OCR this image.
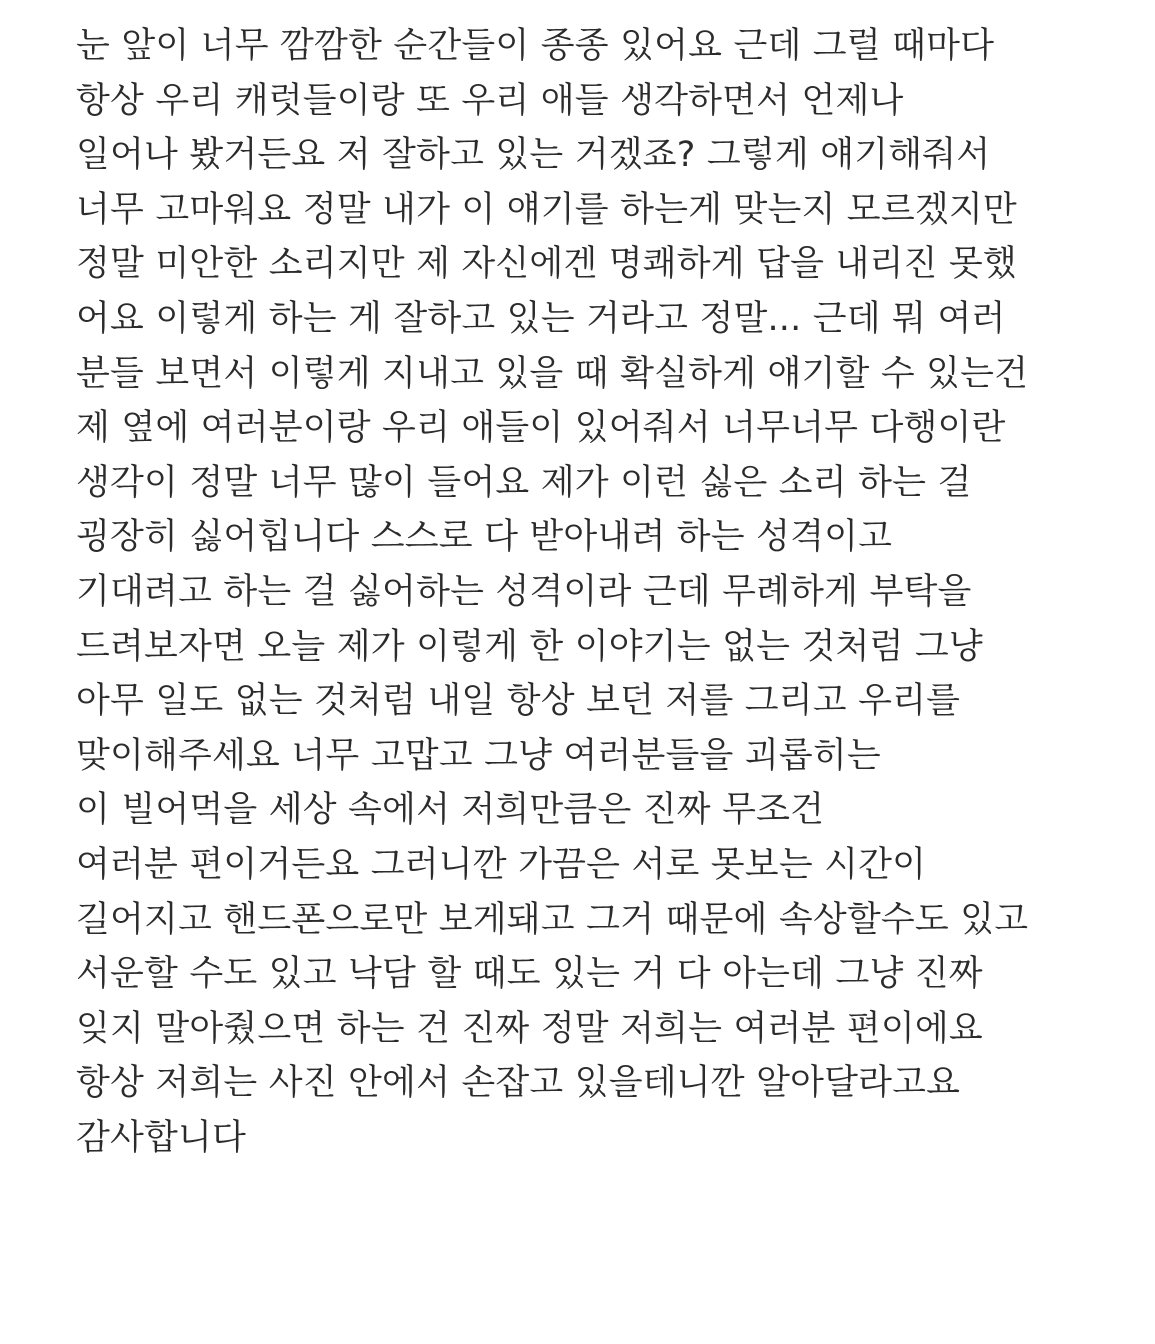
눈 앞이 너무 깜깜한 순간들이 종종 있어요 근데 그럴 때마다
항상 우리 캐럿들이랑 또 우리 애들 생각하면서 언제나
일어나 봤거든요 저 잘하고 있는 거겠죠? 그렇게 얘기해줘서
너무 고마워요 정말 내가 이 얘기를 하는게 맞는지 모르겠지만
정말 미안한 소리지만 제 자신에겐 명쾌하게 답을 내리진 못했
어요 이렇게 하는 게 잘하고 있는 거라고 정말... 근데 뭐 여러
분들 보면서 이렇게 지내고 있을 때 확실하게 얘기할 수 있는건
제 옆에 여러분이랑 우리 애들이 있어줘서 너무너무 다행이란
생각이 정말 너무 많이 들어요 제가 이런 싫은 소리 하는 걸
굉장히 싫어힙니다 스스로 다 받아내려 하는 성격이고
기대려고 하는 걸 싫어하는 성격이라 근데 무례하게 부탁을
드려보자면 오늘 제가 이렇게 한 이야기는 없는 것처럼 그냥
아무 일도 없는 것처럼 내일 항상 보던 저를 그리고 우리를
맞이해주세요 너무 고맙고 그냥 여러분들을 괴롭히는
이 빌어먹을 세상 속에서 저희만큼은 진짜 무조건
여러분 편이거든요 그러니깐 가끔은 서로 못보는 시간이
길어지고 핸드폰으로만 보게돼고 그거 때문에 속상할수도 있고
서운할 수도 있고 낙담 할 때도 있는 거 다 아는데 그냥 진짜
잊지 말아줬으면 하는 건 진짜 정말 저희는 여러분 편이에요
항상 저희는 사진 안에서 손잡고 있을테니깐 알아달라고요
감사합니다
